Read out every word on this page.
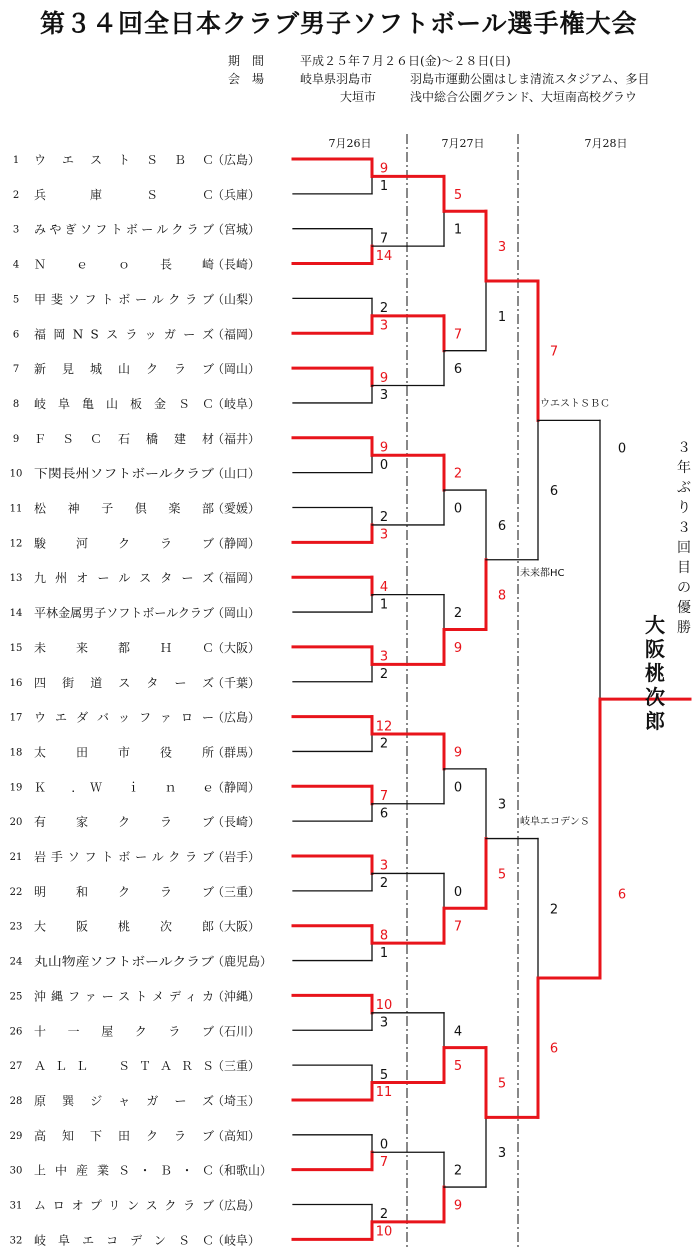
第３４回全日本クラブ男子ソフトボール選手権大会
期　間	平成２５年７月２６日(金)～２８日(日)
会　場	岐阜県羽島市	羽島市運動公園はしま清流スタジアム、多目
大垣市	浅中総合公園グランド、大垣南高校グラウ
7月26日	7月27日	7月28日
1 ウエストＳＢＣ
（広島）
2 兵　庫　Ｓ　Ｃ
（兵庫）
3 みやぎソフトボールクラブ
（宮城）
4 Ｎ　ｅ　ｏ　長　崎
（長崎）
5 甲斐ソフトボールクラブ
（山梨）
6 福岡NSスラッガーズ
（福岡）
7 新見城山クラブ
（岡山）
8 岐阜亀山板金ＳＣ
（岐阜）
9 ＦＳＣ石橋建材
（福井）
10 下関長州ソフトボールクラブ
（山口）
11 松神子倶楽部
（愛媛）
12 駿　河　ク　ラ　ブ
（静岡）
13 九州オールスターズ
（福岡）
14 平林金属男子ソフトボールクラブ
（岡山）
15 未　来　都　Ｈ　Ｃ
（大阪）
16 四街道スターズ
（千葉）
17 ウエダバッファロー
（広島）
18 太田市役所
（群馬）
19 Ｋ　．Ｗ　ｉ　ｎ　ｅ
（静岡）
20 有　家　ク　ラ　ブ
（長崎）
21 岩手ソフトボールクラブ
（岩手）
22 明　和　ク　ラ　ブ
（三重）
23 大　阪　桃　次　郎
（大阪）
24 丸山物産ソフトボールクラブ	（鹿児島）
25 沖縄ファーストメディカ
（沖縄）
26 十　一　屋　ク　ラ　ブ
（石川）
27 ＡＬＬ　ＳＴＡＲＳ
（三重）
28 原巽ジャガーズ
（埼玉）
29 高知下田クラブ
（高知）
30 上中産業Ｓ・Ｂ・Ｃ
（和歌山）
31 ムロオプリンスクラブ
（広島）
32 岐阜エコデンＳＣ
（岐阜）
9
1
7
14
2
3
9
3
9
0
2
3
4
1
3
2
12
2
7
6
3
2
8
1
10
3
5
11
0
7
2
10
5
1
7
6
2
0
2
9
9
0
0
7
4
5
2
9
3
1
6
8
3
5
5
3
7
6
2
6
0
6
ウエストＳＢＣ
未来都HC
岐阜エコデンＳ
大
阪
桃
次
郎
３
年
ぶ
り
３
回
目
の
優
勝
